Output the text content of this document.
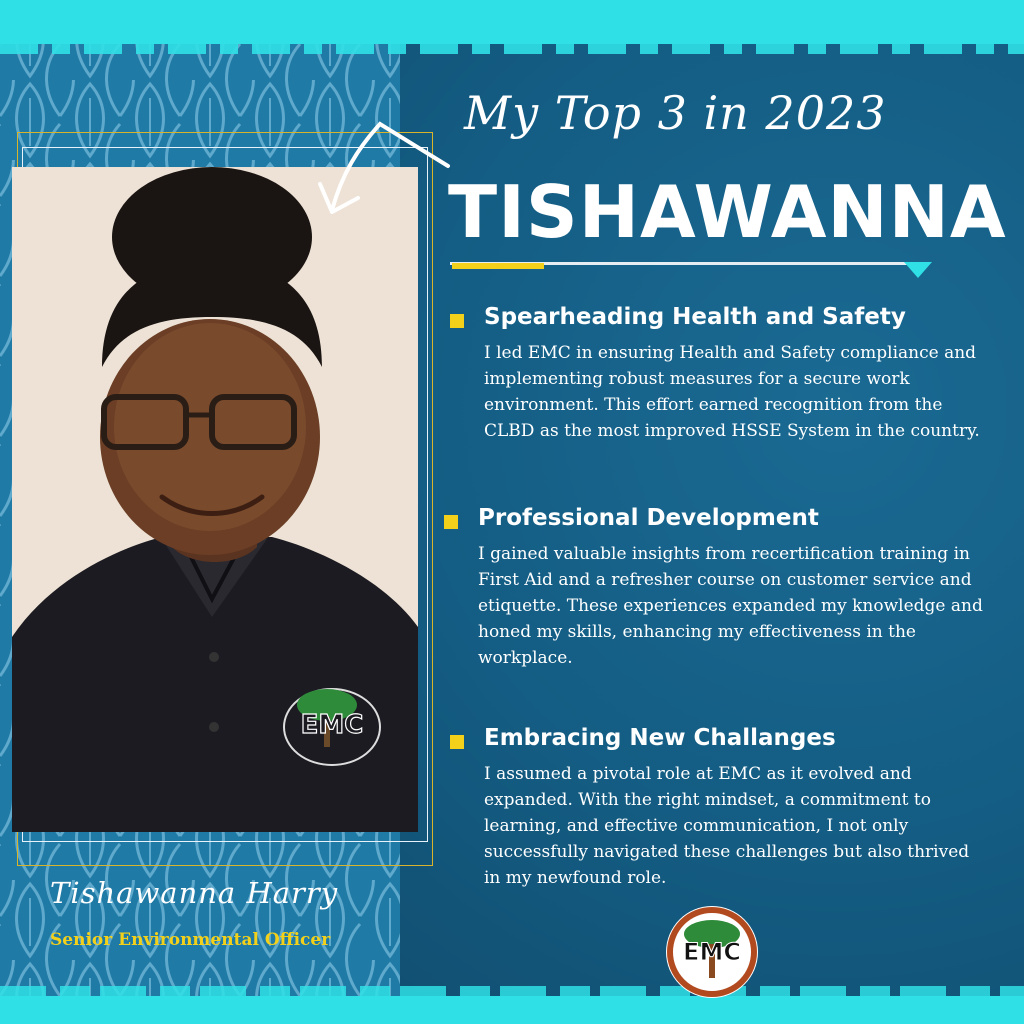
EMC
My Top 3 in 2023
TISHAWANNA
Spearheading Health and Safety
I led EMC in ensuring Health and Safety compliance and implementing robust measures for a secure work environment. This effort earned recognition from the CLBD as the most improved HSSE System in the country.
Professional Development
I gained valuable insights from recertification training in First Aid and a refresher course on customer service and etiquette. These experiences expanded my knowledge and honed my skills, enhancing my effectiveness in the workplace.
Embracing New Challanges
I assumed a pivotal role at EMC as it evolved and expanded. With the right mindset, a commitment to learning, and effective communication, I not only successfully navigated these challenges but also thrived in my newfound role.
Tishawanna Harry
Senior Environmental Officer	EMC
